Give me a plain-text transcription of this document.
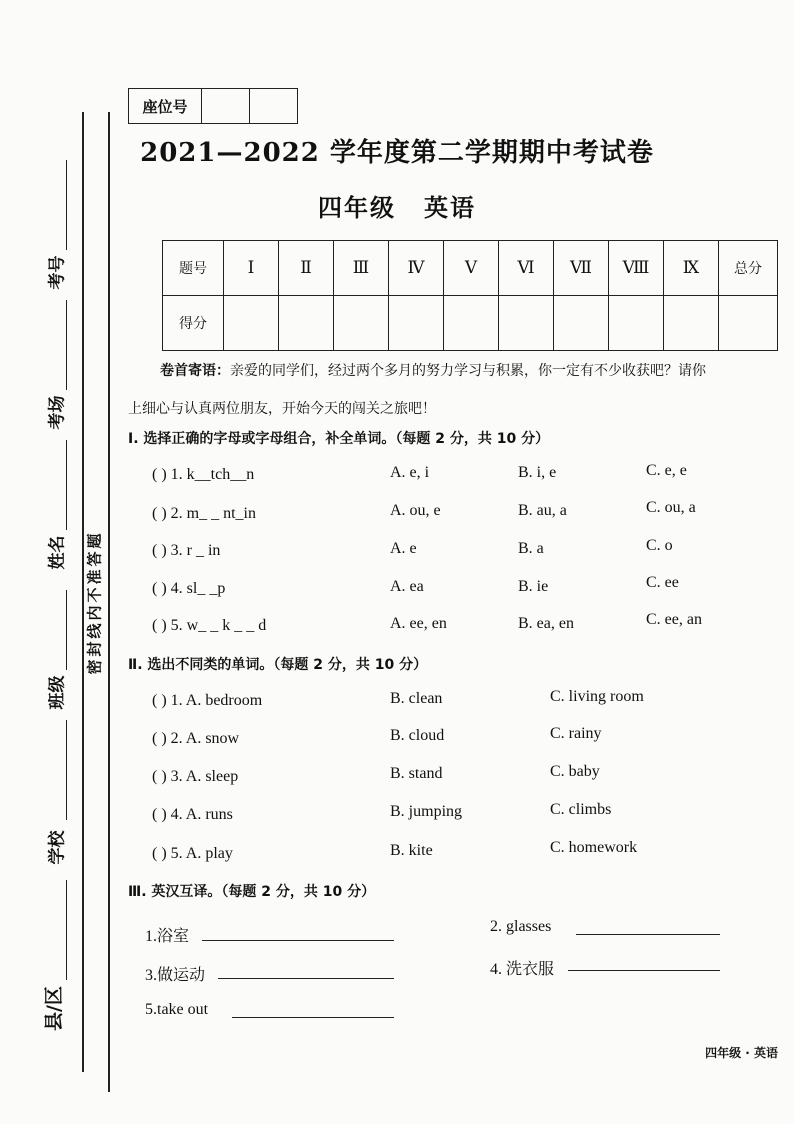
考号
考场
姓名
班级
学校
县/区
密封线内不准答题
座位号		
2021—2022 学年度第二学期期中考试卷
四年级 英语
题号	Ⅰ	Ⅱ	Ⅲ	Ⅳ	Ⅴ	Ⅵ	Ⅶ	Ⅷ	Ⅸ	总分
得分										
卷首寄语：亲爱的同学们，经过两个多月的努力学习与积累，你一定有不少收获吧？请你
上细心与认真两位朋友，开始今天的闯关之旅吧！
Ⅰ. 选择正确的字母或字母组合，补全单词。（每题 2 分，共 10 分）
( ) 1. k__tch__n	A. e, i	B. i, e	C. e, e
( ) 2. m_ _ nt_in	A. ou, e	B. au, a	C. ou, a
( ) 3. r _ in	A. e	B. a	C. o
( ) 4. sl_ _p	A. ea	B. ie	C. ee
( ) 5. w_ _ k _ _ d	A. ee, en	B. ea, en	C. ee, an
Ⅱ. 选出不同类的单词。（每题 2 分，共 10 分）
( ) 1. A. bedroom	B. clean	C. living room
( ) 2. A. snow	B. cloud	C. rainy
( ) 3. A. sleep	B. stand	C. baby
( ) 4. A. runs	B. jumping	C. climbs
( ) 5. A. play	B. kite	C. homework
Ⅲ. 英汉互译。（每题 2 分，共 10 分）
1.浴室
2. glasses
3.做运动	4. 洗衣服
5.take out
四年级 · 英语
